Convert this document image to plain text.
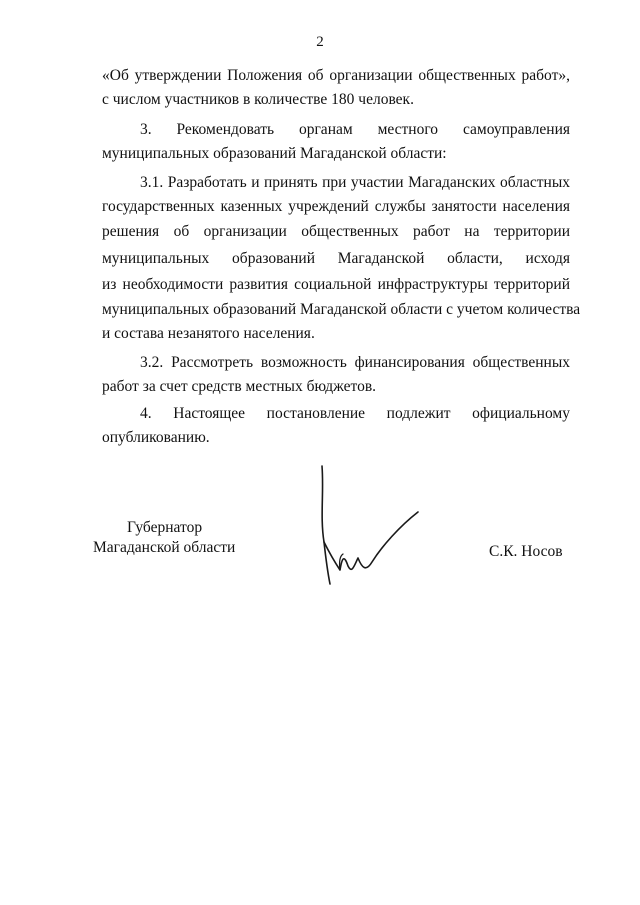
2
«Об утверждении Положения об организации общественных работ»,
с числом участников в количестве 180 человек.
3. Рекомендовать органам местного самоуправления
муниципальных образований Магаданской области:
3.1. Разработать и принять при участии Магаданских областных
государственных казенных учреждений службы занятости населения
решения об организации общественных работ на территории
муниципальных образований Магаданской области, исходя
из необходимости развития социальной инфраструктуры территорий
муниципальных образований Магаданской области с учетом количества
и состава незанятого населения.
3.2. Рассмотреть возможность финансирования общественных
работ за счет средств местных бюджетов.
4. Настоящее постановление подлежит официальному
опубликованию.
Губернатор
Магаданской области	С.К. Носов
